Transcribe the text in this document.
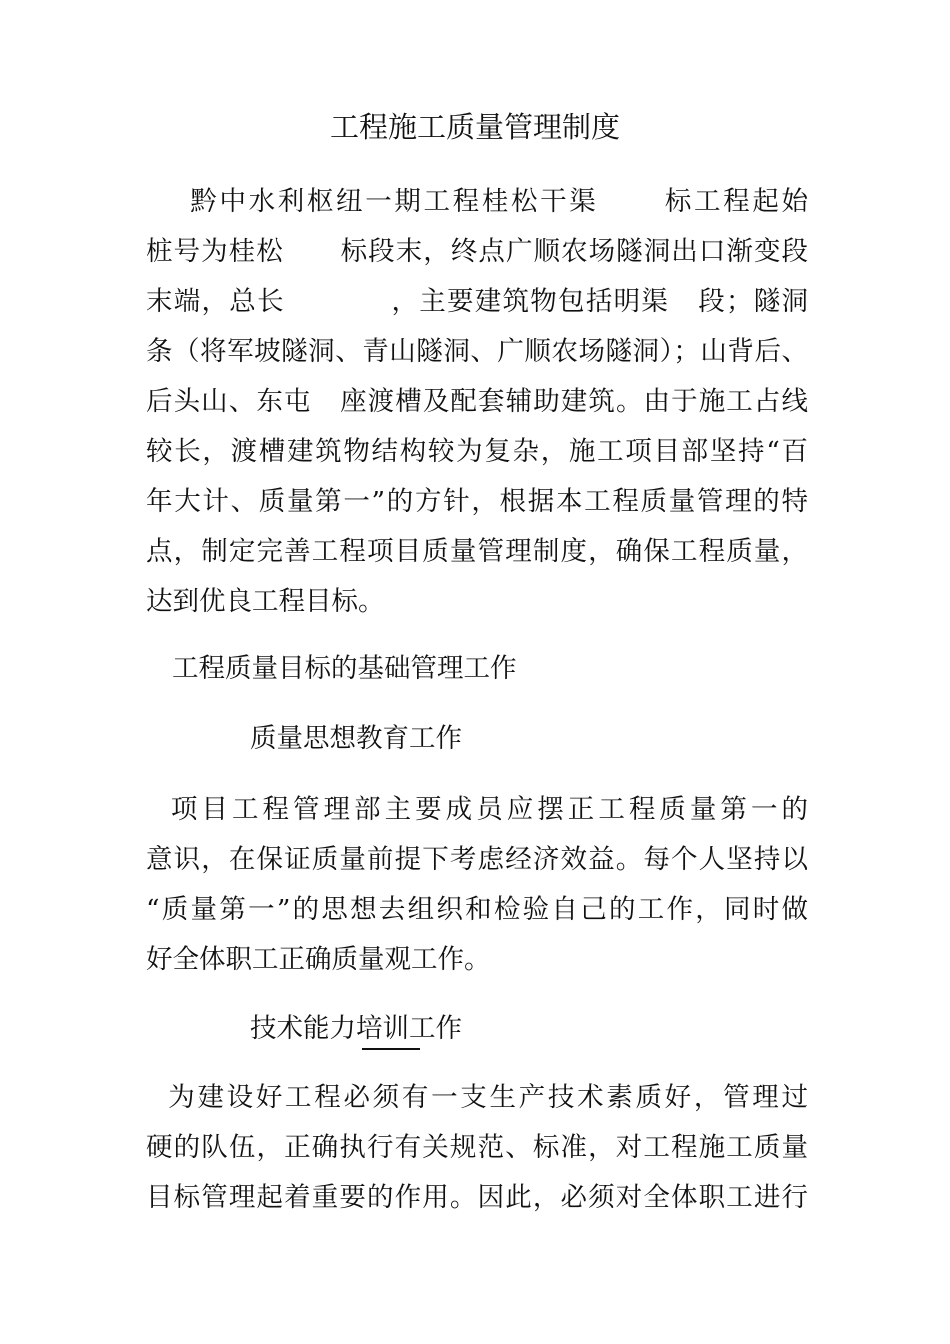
工程施工质量管理制度
黔中水利枢纽一期工程桂松干渠      标工程起始
桩号为桂松      标段末，终点广顺农场隧洞出口渐变段
末端，总长           ，主要建筑物包括明渠   段；隧洞
条（将军坡隧洞、青山隧洞、广顺农场隧洞）；山背后、
后头山、东屯   座渡槽及配套辅助建筑。由于施工占线
较长，渡槽建筑物结构较为复杂，施工项目部坚持“百
年大计、质量第一”的方针，根据本工程质量管理的特
点，制定完善工程项目质量管理制度，确保工程质量，
达到优良工程目标。
工程质量目标的基础管理工作
质量思想教育工作
项目工程管理部主要成员应摆正工程质量第一的
意识，在保证质量前提下考虑经济效益。每个人坚持以
“质量第一”的思想去组织和检验自己的工作，同时做
好全体职工正确质量观工作。
技术能力培训工作
为建设好工程必须有一支生产技术素质好，管理过
硬的队伍，正确执行有关规范、标准，对工程施工质量
目标管理起着重要的作用。因此，必须对全体职工进行
